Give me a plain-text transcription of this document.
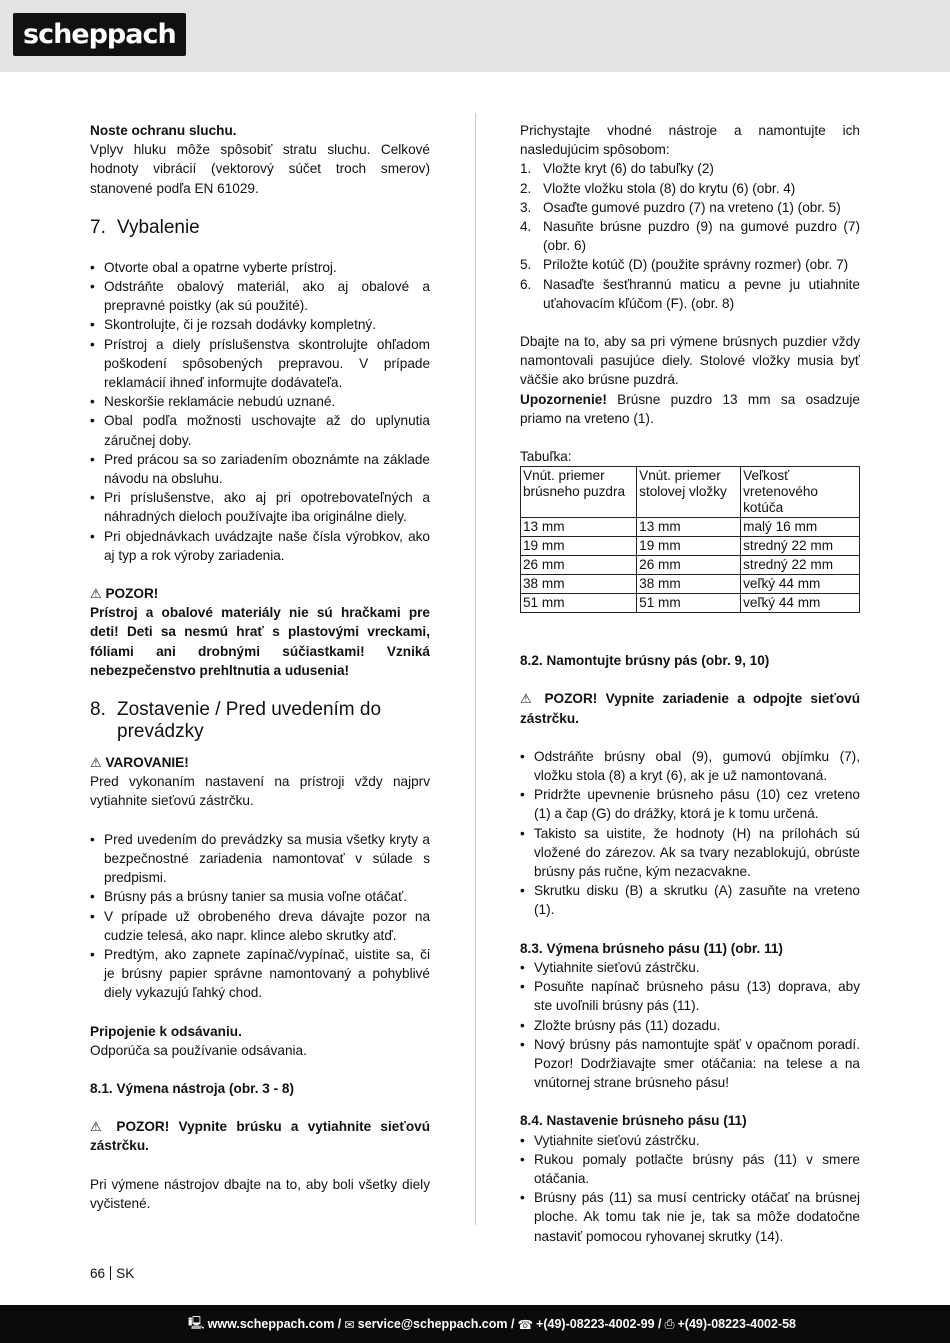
scheppach

Noste ochranu sluchu.

Vplyv hluku môže spôsobiť stratu sluchu. Celkové hodnoty vibrácií (vektorový súčet troch smerov) stanovené podľa EN 61029.

7. Vybalenie
• Otvorte obal a opatrne vyberte prístroj.
• Odstráňte obalový materiál, ako aj obalové a prepravné poistky (ak sú použité).
• Skontrolujte, či je rozsah dodávky kompletný.
• Prístroj a diely príslušenstva skontrolujte ohľadom poškodení spôsobených prepravou. V prípade reklamácií ihneď informujte dodávateľa.
• Neskoršie reklamácie nebudú uznané.
• Obal podľa možnosti uschovajte až do uplynutia záručnej doby.
• Pred prácou sa so zariadením oboznámte na základe návodu na obsluhu.
• Pri príslušenstve, ako aj pri opotrebovateľných a náhradných dieloch používajte iba originálne diely.
• Pri objednávkach uvádzajte naše čísla výrobkov, ako aj typ a rok výroby zariadenia.

⚠ POZOR!

Prístroj a obalové materiály nie sú hračkami pre deti! Deti sa nesmú hrať s plastovými vreckami, fóliami ani drobnými súčiastkami! Vzniká nebezpečenstvo prehltnutia a udusenia!

8. Zostavenie / Pred uvedením do prevádzky

⚠ VAROVANIE!

Pred vykonaním nastavení na prístroji vždy najprv vytiahnite sieťovú zástrčku.

• Pred uvedením do prevádzky sa musia všetky kryty a bezpečnostné zariadenia namontovať v súlade s predpismi.
• Brúsny pás a brúsny tanier sa musia voľne otáčať.
• V prípade už obrobeného dreva dávajte pozor na cudzie telesá, ako napr. klince alebo skrutky atď.
• Predtým, ako zapnete zapínač/vypínač, uistite sa, či je brúsny papier správne namontovaný a pohyblivé diely vykazujú ľahký chod.

Pripojenie k odsávaniu.

Odporúča sa používanie odsávania.

8.1. Výmena nástroja (obr. 3 - 8)

⚠ POZOR! Vypnite brúsku a vytiahnite sieťovú zástrčku.

Pri výmene nástrojov dbajte na to, aby boli všetky diely vyčistené.

Prichystajte vhodné nástroje a namontujte ich nasledujúcim spôsobom:

1. Vložte kryt (6) do tabuľky (2)
2. Vložte vložku stola (8) do krytu (6) (obr. 4)
3. Osaďte gumové puzdro (7) na vreteno (1) (obr. 5)
4. Nasuňte brúsne puzdro (9) na gumové puzdro (7) (obr. 6)
5. Priložte kotúč (D) (použite správny rozmer) (obr. 7)
6. Nasaďte šesťhrannú maticu a pevne ju utiahnite uťahovacím kľúčom (F). (obr. 8)

Dbajte na to, aby sa pri výmene brúsnych puzdier vždy namontovali pasujúce diely. Stolové vložky musia byť väčšie ako brúsne puzdrá.

Upozornenie! Brúsne puzdro 13 mm sa osadzuje priamo na vreteno (1).

Tabuľka:

Vnút. priemer brúsneho puzdra	Vnút. priemer stolovej vložky	Veľkosť vretenového kotúča
13 mm	13 mm	malý 16 mm
19 mm	19 mm	stredný 22 mm
26 mm	26 mm	stredný 22 mm
38 mm	38 mm	veľký 44 mm
51 mm	51 mm	veľký 44 mm

8.2. Namontujte brúsny pás (obr. 9, 10)

⚠ POZOR! Vypnite zariadenie a odpojte sieťovú zástrčku.

• Odstráňte brúsny obal (9), gumovú objímku (7), vložku stola (8) a kryt (6), ak je už namontovaná.
• Pridržte upevnenie brúsneho pásu (10) cez vreteno (1) a čap (G) do drážky, ktorá je k tomu určená.
• Takisto sa uistite, že hodnoty (H) na prílohách sú vložené do zárezov. Ak sa tvary nezablokujú, obrúste brúsny pás ručne, kým nezacvakne.
• Skrutku disku (B) a skrutku (A) zasuňte na vreteno (1).

8.3. Výmena brúsneho pásu (11) (obr. 11)

• Vytiahnite sieťovú zástrčku.
• Posuňte napínač brúsneho pásu (13) doprava, aby ste uvoľnili brúsny pás (11).
• Zložte brúsny pás (11) dozadu.
• Nový brúsny pás namontujte späť v opačnom poradí. Pozor! Dodržiavajte smer otáčania: na telese a na vnútornej strane brúsneho pásu!

8.4. Nastavenie brúsneho pásu (11)

• Vytiahnite sieťovú zástrčku.
• Rukou pomaly potlačte brúsny pás (11) v smere otáčania.
• Brúsny pás (11) sa musí centricky otáčať na brúsnej ploche. Ak tomu tak nie je, tak sa môže dodatočne nastaviť pomocou ryhovanej skrutky (14).
66 SK
🖳 www.scheppach.com / ✉ service@scheppach.com / ☎ +(49)-08223-4002-99 / ⎙ +(49)-08223-4002-58
